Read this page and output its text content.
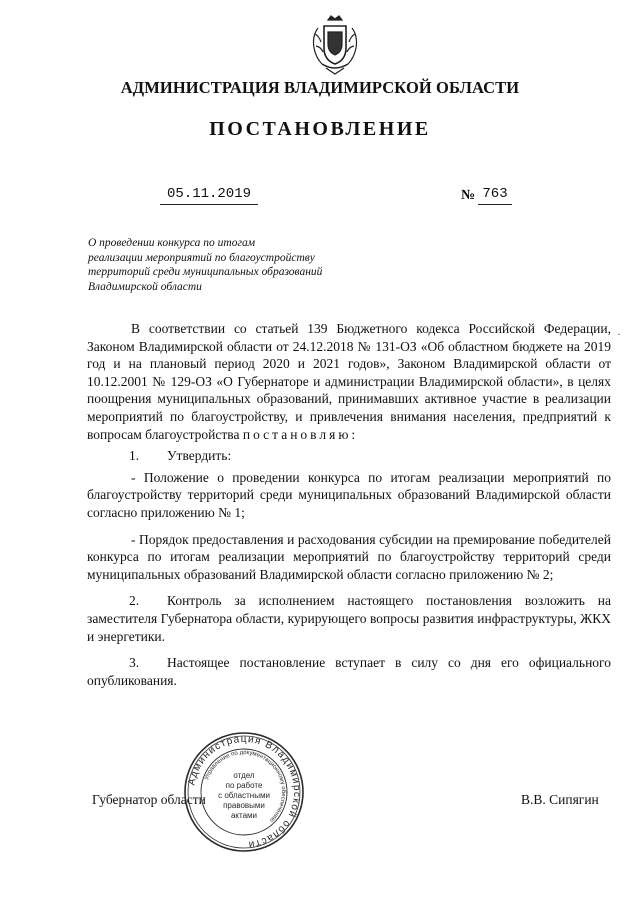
АДМИНИСТРАЦИЯ ВЛАДИМИРСКОЙ ОБЛАСТИ
ПОСТАНОВЛЕНИЕ
05.11.2019	№ 763
О проведении конкурса по итогам
реализации мероприятий по благоустройству
территорий среди муниципальных образований
Владимирской области
·

В соответствии со статьей 139 Бюджетного кодекса Российской Федерации, Законом Владимирской области от 24.12.2018 № 131-ОЗ «Об областном бюджете на 2019 год и на плановый период 2020 и 2021 годов», Законом Владимирской области от 10.12.2001 № 129-ОЗ «О Губернаторе и администрации Владимирской области», в целях поощрения муниципальных образований, принимавших активное участие в реализации мероприятий по благоустройству, и привлечения внимания населения, предприятий к вопросам благоустройства постановляю:

1. Утвердить:

- Положение о проведении конкурса по итогам реализации мероприятий по благоустройству территорий среди муниципальных образований Владимирской области согласно приложению № 1;

- Порядок предоставления и расходования субсидии на премирование победителей конкурса по итогам реализации мероприятий по благоустройству территорий среди муниципальных образований Владимирской области согласно приложению № 2;

2. Контроль за исполнением настоящего постановления возложить на заместителя Губернатора области, курирующего вопросы развития инфраструктуры, ЖКХ и энергетики.

3. Настоящее постановление вступает в силу со дня его официального опубликования.

Губернатор области	В.В. Сипягин
Администрация Владимирской области
Управление по документационному обеспечению
отдел
по работе
с областными
правовыми
актами
